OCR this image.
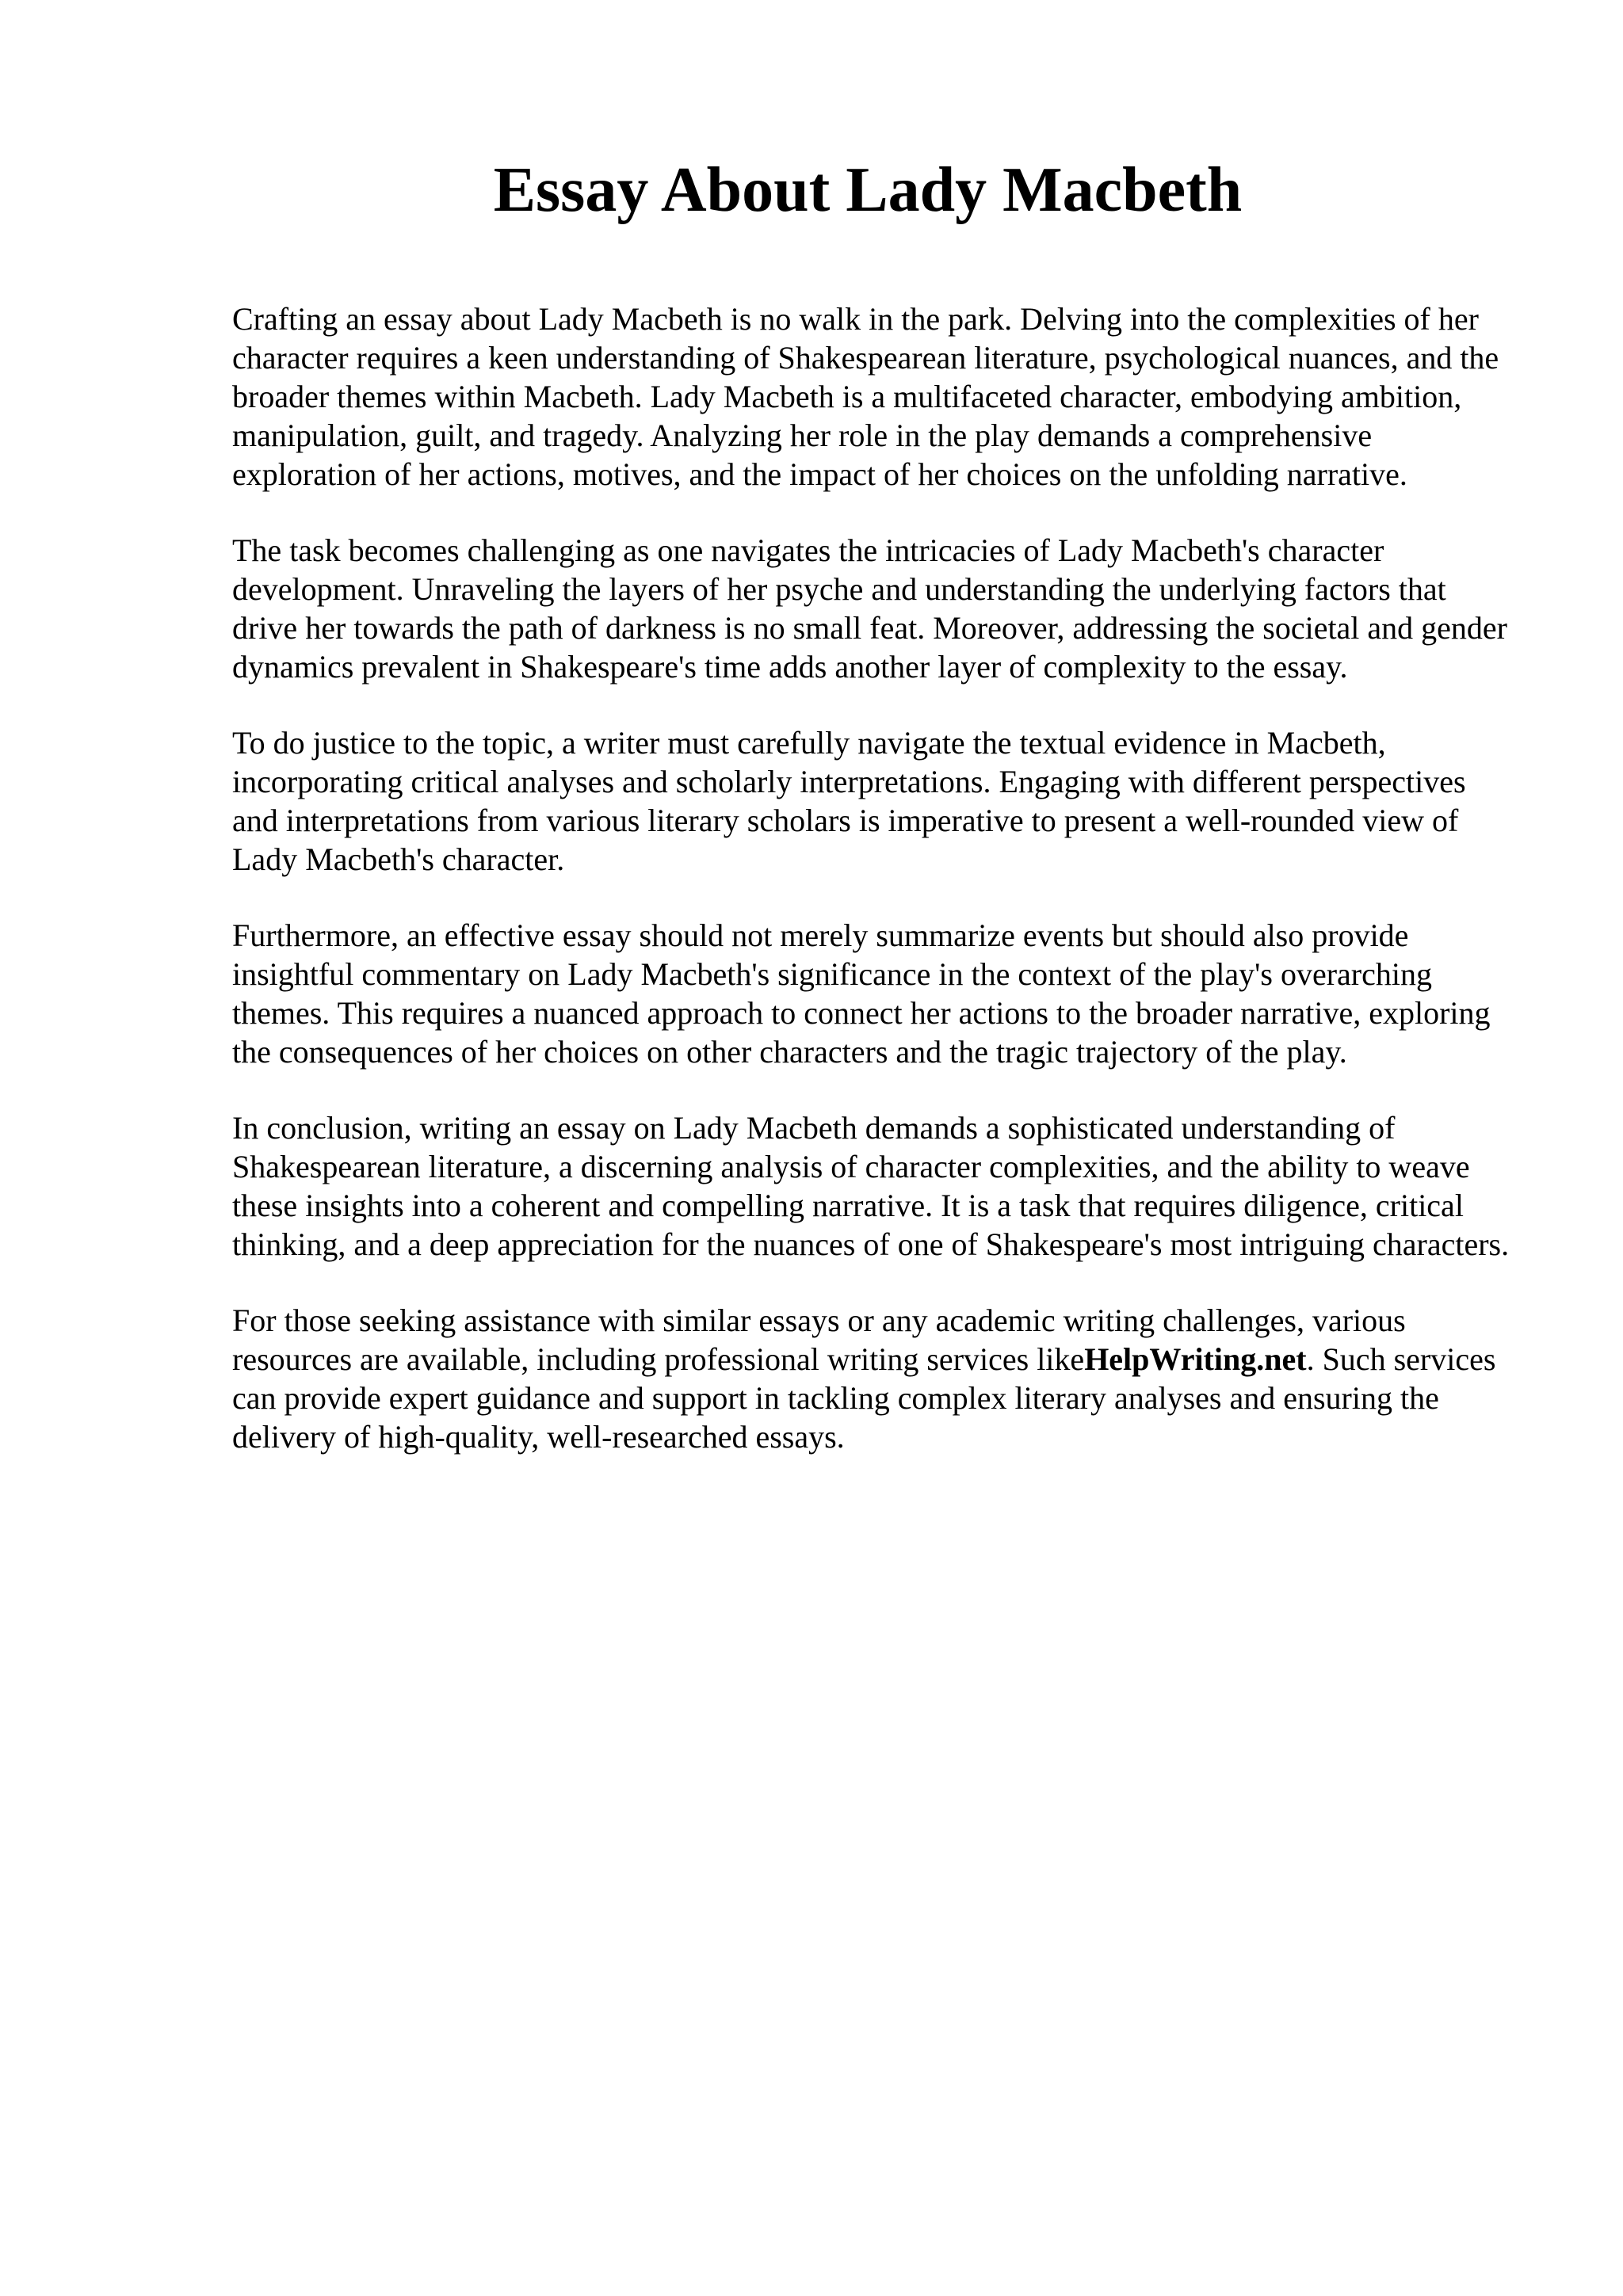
Essay About Lady Macbeth

Crafting an essay about Lady Macbeth is no walk in the park. Delving into the complexities of her character requires a keen understanding of Shakespearean literature, psychological nuances, and the broader themes within Macbeth. Lady Macbeth is a multifaceted character, embodying ambition, manipulation, guilt, and tragedy. Analyzing her role in the play demands a comprehensive exploration of her actions, motives, and the impact of her choices on the unfolding narrative.

The task becomes challenging as one navigates the intricacies of Lady Macbeth's character development. Unraveling the layers of her psyche and understanding the underlying factors that drive her towards the path of darkness is no small feat. Moreover, addressing the societal and gender dynamics prevalent in Shakespeare's time adds another layer of complexity to the essay.

To do justice to the topic, a writer must carefully navigate the textual evidence in Macbeth, incorporating critical analyses and scholarly interpretations. Engaging with different perspectives and interpretations from various literary scholars is imperative to present a well-rounded view of Lady Macbeth's character.

Furthermore, an effective essay should not merely summarize events but should also provide insightful commentary on Lady Macbeth's significance in the context of the play's overarching themes. This requires a nuanced approach to connect her actions to the broader narrative, exploring the consequences of her choices on other characters and the tragic trajectory of the play.

In conclusion, writing an essay on Lady Macbeth demands a sophisticated understanding of Shakespearean literature, a discerning analysis of character complexities, and the ability to weave these insights into a coherent and compelling narrative. It is a task that requires diligence, critical thinking, and a deep appreciation for the nuances of one of Shakespeare's most intriguing characters.

For those seeking assistance with similar essays or any academic writing challenges, various resources are available, including professional writing services likeHelpWriting.net. Such services can provide expert guidance and support in tackling complex literary analyses and ensuring the delivery of high-quality, well-researched essays.
